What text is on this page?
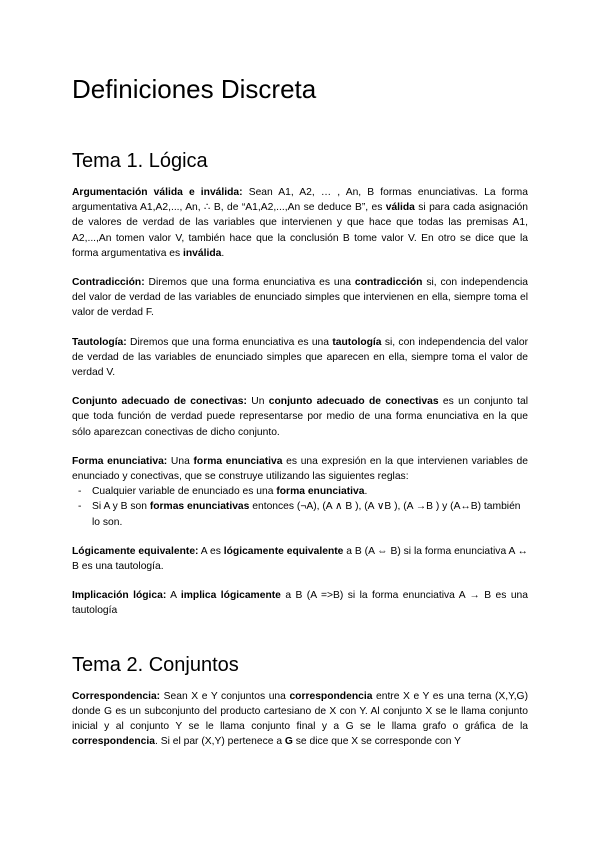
Definiciones Discreta
Tema 1. Lógica

Argumentación válida e inválida: Sean A1, A2, … , An, B formas enunciativas. La forma argumentativa A1,A2,..., An, ∴ B, de “A1,A2,...,An se deduce B”, es válida si para cada asignación de valores de verdad de las variables que intervienen y que hace que todas las premisas A1, A2,...,An tomen valor V, también hace que la conclusión B tome valor V. En otro se dice que la forma argumentativa es inválida.

Contradicción: Diremos que una forma enunciativa es una contradicción si, con independencia del valor de verdad de las variables de enunciado simples que intervienen en ella, siempre toma el valor de verdad F.

Tautología: Diremos que una forma enunciativa es una tautología si, con independencia del valor de verdad de las variables de enunciado simples que aparecen en ella, siempre toma el valor de verdad V.

Conjunto adecuado de conectivas: Un conjunto adecuado de conectivas es un conjunto tal que toda función de verdad puede representarse por medio de una forma enunciativa en la que sólo aparezcan conectivas de dicho conjunto.

Forma enunciativa: Una forma enunciativa es una expresión en la que intervienen variables de enunciado y conectivas, que se construye utilizando las siguientes reglas:

- Cualquier variable de enunciado es una forma enunciativa.
- Si A y B son formas enunciativas entonces (¬A), (A ∧ B ), (A ∨B ), (A →B ) y (A↔B) también lo son.

Lógicamente equivalente: A es lógicamente equivalente a B (A ⇔ B) si la forma enunciativa A ↔ B es una tautología.

Implicación lógica: A implica lógicamente a B (A =>B) si la forma enunciativa A → B es una tautología

Tema 2. Conjuntos

Correspondencia: Sean X e Y conjuntos una correspondencia entre X e Y es una terna (X,Y,G) donde G es un subconjunto del producto cartesiano de X con Y. Al conjunto X se le llama conjunto inicial y al conjunto Y se le llama conjunto final y a G se le llama grafo o gráfica de la correspondencia. Si el par (X,Y) pertenece a G se dice que X se corresponde con Y
